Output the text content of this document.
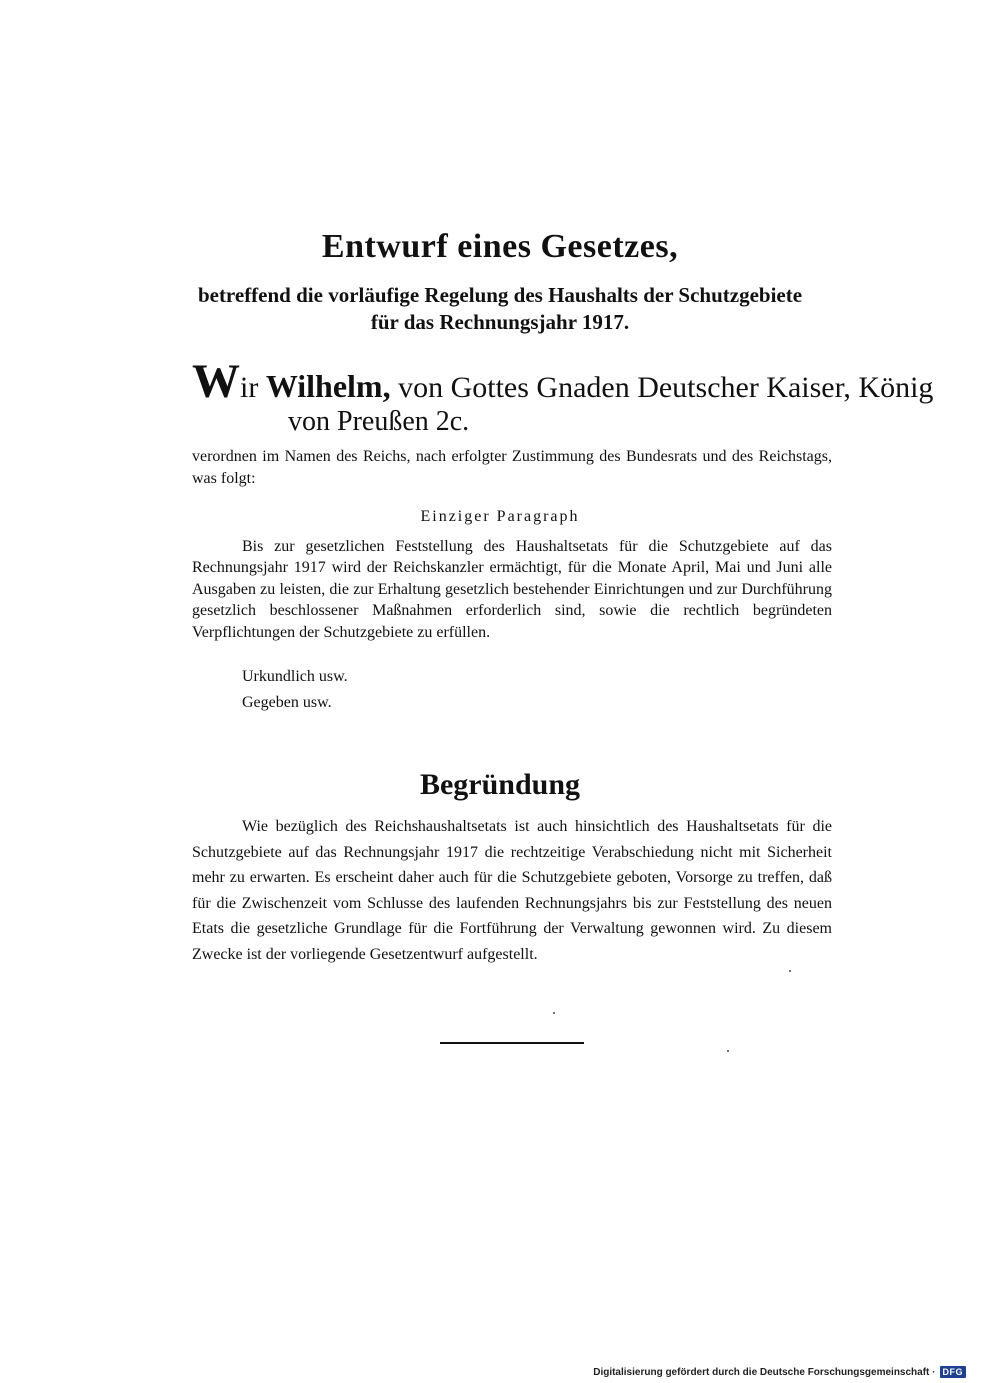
Entwurf eines Gesetzes,
betreffend die vorläufige Regelung des Haushalts der Schutzgebiete
für das Rechnungsjahr 1917.
Wir Wilhelm, von Gottes Gnaden Deutscher Kaiser, König
von Preußen 2c.
verordnen im Namen des Reichs, nach erfolgter Zustimmung des Bundesrats und des Reichstags, was folgt:
Einziger Paragraph
Bis zur gesetzlichen Feststellung des Haushaltsetats für die Schutzgebiete auf das Rechnungsjahr 1917 wird der Reichskanzler ermächtigt, für die Monate April, Mai und Juni alle Ausgaben zu leisten, die zur Erhaltung gesetzlich bestehender Einrichtungen und zur Durchführung gesetzlich beschlossener Maßnahmen erforderlich sind, sowie die rechtlich begründeten Verpflichtungen der Schutzgebiete zu erfüllen.
Urkundlich usw.
Gegeben usw.
Begründung
Wie bezüglich des Reichshaushaltsetats ist auch hinsichtlich des Haushaltsetats für die Schutzgebiete auf das Rechnungsjahr 1917 die rechtzeitige Verabschiedung nicht mit Sicherheit mehr zu erwarten. Es erscheint daher auch für die Schutzgebiete geboten, Vorsorge zu treffen, daß für die Zwischenzeit vom Schlusse des laufenden Rechnungsjahrs bis zur Feststellung des neuen Etats die gesetzliche Grundlage für die Fortführung der Verwaltung gewonnen wird. Zu diesem Zwecke ist der vorliegende Gesetzentwurf aufgestellt.
Digitalisierung gefördert durch die Deutsche Forschungsgemeinschaft · DFG
